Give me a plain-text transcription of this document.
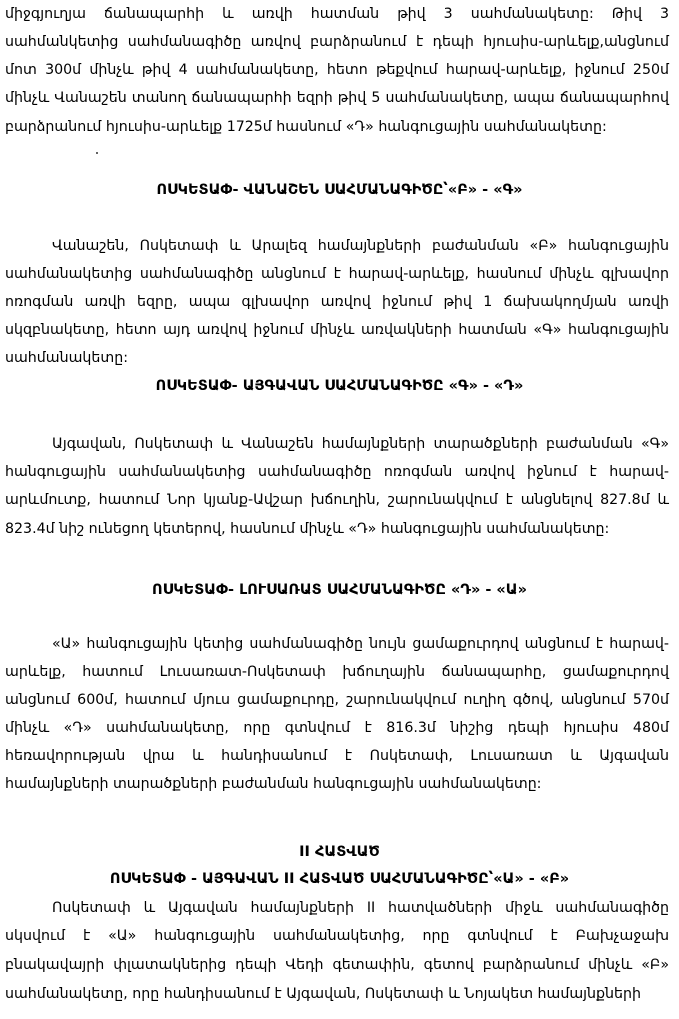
միջգյուղյա ճանապարհի և առվի հատման թիվ 3 սահմանակետը: Թիվ 3
սահմանկետից սահմանագիծը առվով բարձրանում է դեպի հյուսիս-արևելք,անցնում
մոտ 300մ մինչև թիվ 4 սահմանակետը, հետո թեքվում հարավ-արևելք, իջնում 250մ
մինչև Վանաշեն տանող ճանապարհի եզրի թիվ 5 սահմանակետը, ապա ճանապարհով
բարձրանում հյուսիս-արևելք 1725մ հասնում «Դ» հանգուցային սահմանակետը:
ՈՍԿԵՏԱՓ- ՎԱՆԱՇԵՆ ՍԱՀՄԱՆԱԳԻԾԸ՝«Բ» - «Գ»
Վանաշեն, Ոսկետափ և Արալեզ համայնքների բաժանման «Բ» հանգուցային
սահմանակետից սահմանագիծը անցնում է հարավ-արևելք, հասնում մինչև գլխավոր
ոռոգման առվի եզրը, ապա գլխավոր առվով իջնում թիվ 1 ճախակողմյան առվի
սկզբնակետը, հետո այդ առվով իջնում մինչև առվակների հատման «Գ» հանգուցային
սահմանակետը:
ՈՍԿԵՏԱՓ- ԱՅԳԱՎԱՆ ՍԱՀՄԱՆԱԳԻԾԸ «Գ» - «Դ»
Այգավան, Ոսկետափ և Վանաշեն համայնքների տարածքների բաժանման «Գ»
հանգուցային սահմանակետից սահմանագիծը ոռոգման առվով իջնում է հարավ-
արևմուտք, հատում Նոր կյանք-Ավշար խճուղին, շարունակվում է անցնելով 827.8մ և
823.4մ նիշ ունեցող կետերով, հասնում մինչև «Դ» հանգուցային սահմանակետը:
ՈՍԿԵՏԱՓ- ԼՈՒՍԱՌԱՏ ՍԱՀՄԱՆԱԳԻԾԸ «Դ» - «Ա»
«Ա» հանգուցային կետից սահմանագիծը նույն ցամաքուրդով անցնում է հարավ-
արևելք, հատում Լուսառատ-Ոսկետափ խճուղային ճանապարհը, ցամաքուրդով
անցնում 600մ, հատում մյուս ցամաքուրդը, շարունակվում ուղիղ գծով, անցնում 570մ
մինչև «Դ» սահմանակետը, որը գտնվում է 816.3մ նիշից դեպի հյուսիս 480մ
հեռավորության վրա և հանդիսանում է Ոսկետափ, Լուսառատ և Այգավան
համայնքների տարածքների բաժանման հանգուցային սահմանակետը:
II ՀԱՏՎԱԾ
ՈՍԿԵՏԱՓ - ԱՅԳԱՎԱՆ II ՀԱՏՎԱԾ ՍԱՀՄԱՆԱԳԻԾԸ՝«Ա» - «Բ»
Ոսկետափ և Այգավան համայնքների II հատվածների միջև սահմանագիծը
սկսվում է «Ա» հանգուցային սահմանակետից, որը գտնվում է Բախչաջախ
բնակավայրի փլատակներից դեպի Վեդի գետափին, գետով բարձրանում մինչև «Բ»
սահմանակետը, որը հանդիսանում է Այգավան, Ոսկետափ և Նոյակետ համայնքների
